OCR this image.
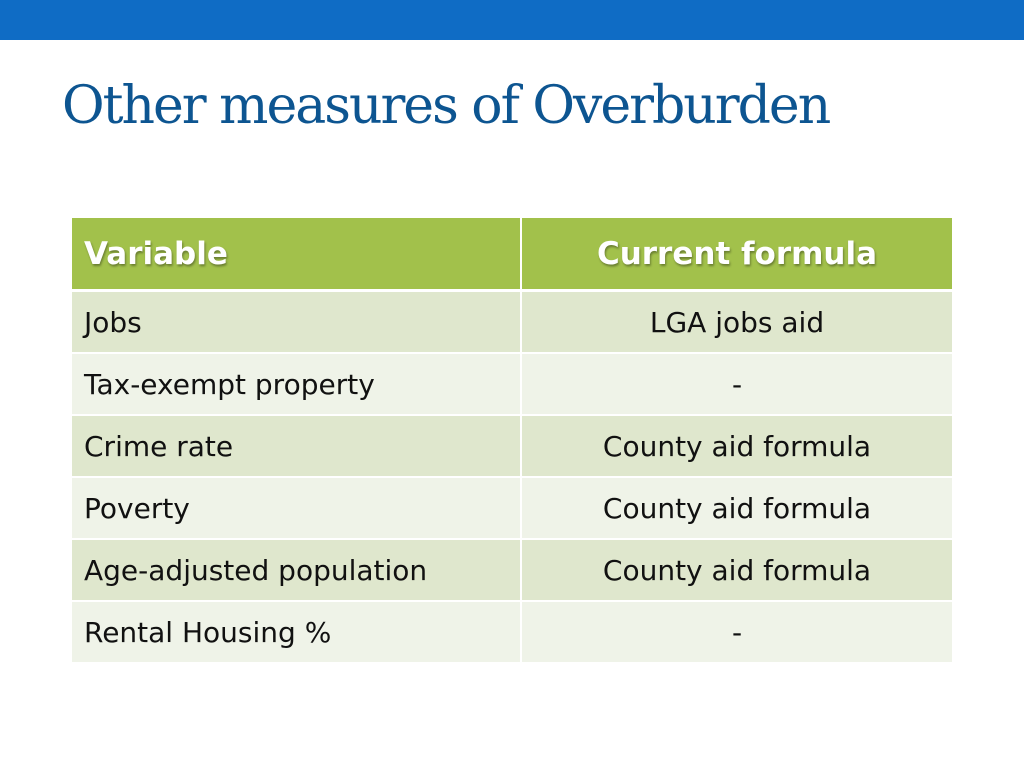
Other measures of Overburden
Variable	Current formula
Jobs	LGA jobs aid
Tax-exempt property	-
Crime rate	County aid formula
Poverty	County aid formula
Age-adjusted population	County aid formula
Rental Housing %	-
